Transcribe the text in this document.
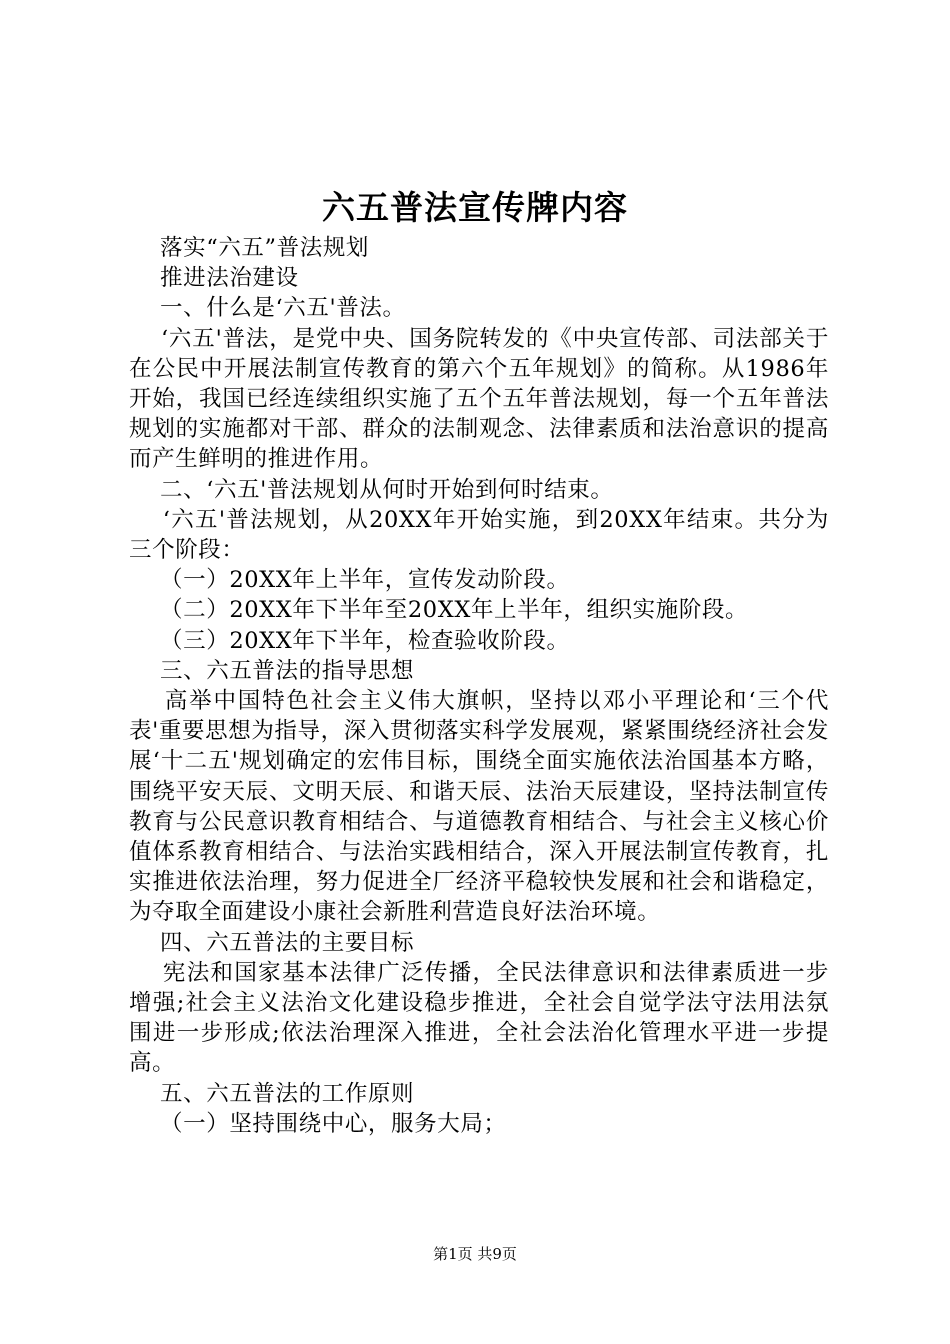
六五普法宣传牌内容

落实“六五”普法规划

推进法治建设

一、什么是‘六五'普法。

‘六五'普法，是党中央、国务院转发的《中央宣传部、司法部关于在公民中开展法制宣传教育的第六个五年规划》的简称。从1986年开始，我国已经连续组织实施了五个五年普法规划，每一个五年普法规划的实施都对干部、群众的法制观念、法律素质和法治意识的提高而产生鲜明的推进作用。

二、‘六五'普法规划从何时开始到何时结束。

‘六五'普法规划，从20XX年开始实施，到20XX年结束。共分为三个阶段：

（一）20XX年上半年，宣传发动阶段。

（二）20XX年下半年至20XX年上半年，组织实施阶段。

（三）20XX年下半年，检查验收阶段。

三、六五普法的指导思想

高举中国特色社会主义伟大旗帜，坚持以邓小平理论和‘三个代表'重要思想为指导，深入贯彻落实科学发展观，紧紧围绕经济社会发展‘十二五'规划确定的宏伟目标，围绕全面实施依法治国基本方略，围绕平安天辰、文明天辰、和谐天辰、法治天辰建设，坚持法制宣传教育与公民意识教育相结合、与道德教育相结合、与社会主义核心价值体系教育相结合、与法治实践相结合，深入开展法制宣传教育，扎实推进依法治理，努力促进全厂经济平稳较快发展和社会和谐稳定，为夺取全面建设小康社会新胜利营造良好法治环境。

四、六五普法的主要目标

宪法和国家基本法律广泛传播，全民法律意识和法律素质进一步增强;社会主义法治文化建设稳步推进，全社会自觉学法守法用法氛围进一步形成;依法治理深入推进，全社会法治化管理水平进一步提高。

五、六五普法的工作原则

（一）坚持围绕中心，服务大局；

第1页 共9页
